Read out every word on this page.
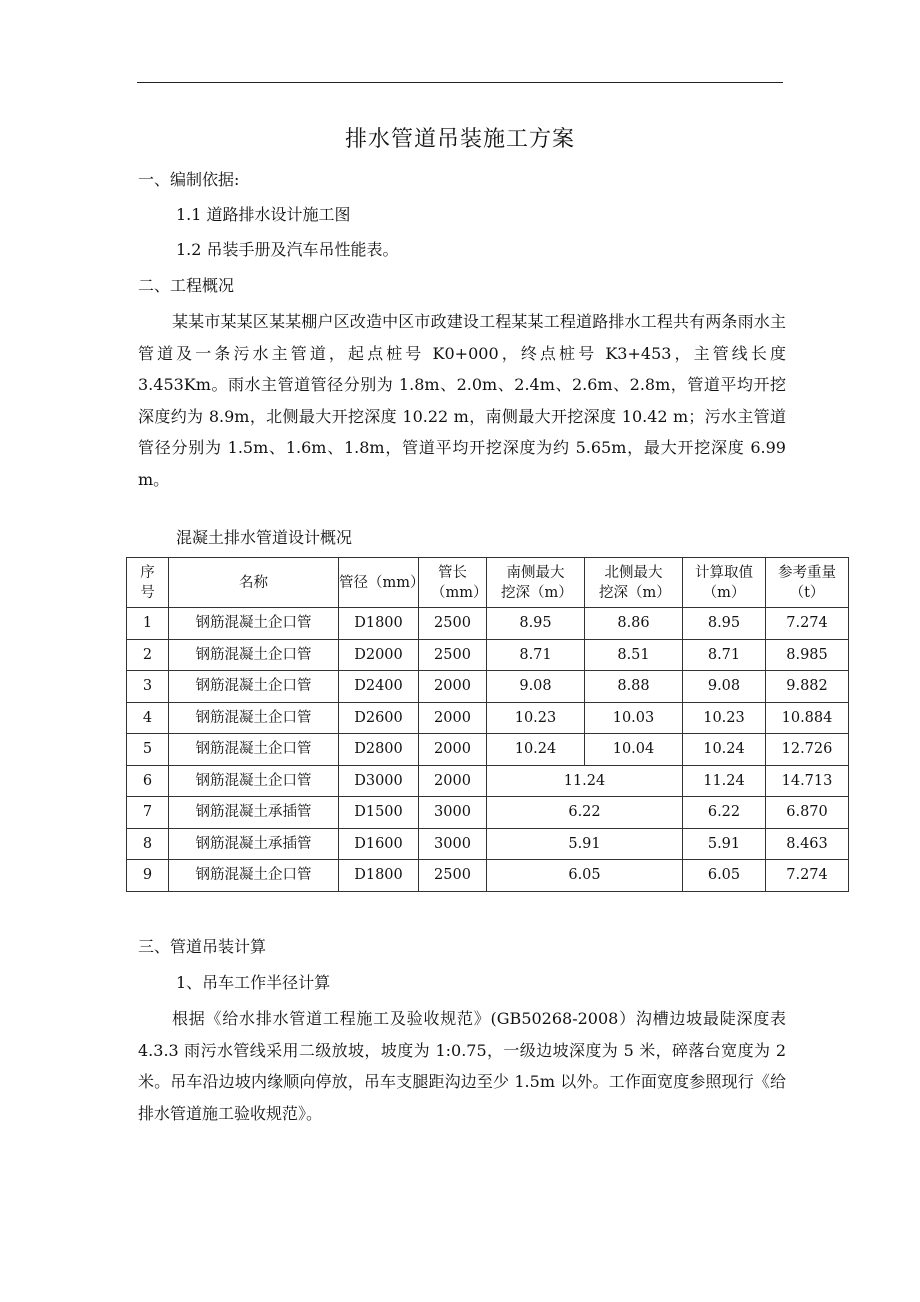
排水管道吊装施工方案
一、编制依据:
1.1 道路排水设计施工图
1.2 吊装手册及汽车吊性能表。
二、工程概况
某某市某某区某某棚户区改造中区市政建设工程某某工程道路排水工程共有两条雨水主管道及一条污水主管道，起点桩号 K0+000，终点桩号 K3+453，主管线长度 3.453Km。雨水主管道管径分别为 1.8m、2.0m、2.4m、2.6m、2.8m，管道平均开挖深度约为 8.9m，北侧最大开挖深度 10.22 m，南侧最大开挖深度 10.42 m；污水主管道管径分别为 1.5m、1.6m、1.8m，管道平均开挖深度为约 5.65m，最大开挖深度 6.99 m。
混凝土排水管道设计概况
序号	名称	管径（mm）	管长（mm）	南侧最大挖深（m）	北侧最大挖深（m）	计算取值（m）	参考重量（t）
1	钢筋混凝土企口管	D1800	2500	8.95	8.86	8.95	7.274
2	钢筋混凝土企口管	D2000	2500	8.71	8.51	8.71	8.985
3	钢筋混凝土企口管	D2400	2000	9.08	8.88	9.08	9.882
4	钢筋混凝土企口管	D2600	2000	10.23	10.03	10.23	10.884
5	钢筋混凝土企口管	D2800	2000	10.24	10.04	10.24	12.726
6	钢筋混凝土企口管	D3000	2000	11.24		11.24	14.713
7	钢筋混凝土承插管	D1500	3000	6.22		6.22	6.870
8	钢筋混凝土承插管	D1600	3000	5.91		5.91	8.463
9	钢筋混凝土企口管	D1800	2500	6.05		6.05	7.274
三、管道吊装计算
1、吊车工作半径计算
根据《给水排水管道工程施工及验收规范》(GB50268-2008）沟槽边坡最陡深度表 4.3.3 雨污水管线采用二级放坡，坡度为 1:0.75，一级边坡深度为 5 米，碎落台宽度为 2 米。吊车沿边坡内缘顺向停放，吊车支腿距沟边至少 1.5m 以外。工作面宽度参照现行《给排水管道施工验收规范》。
